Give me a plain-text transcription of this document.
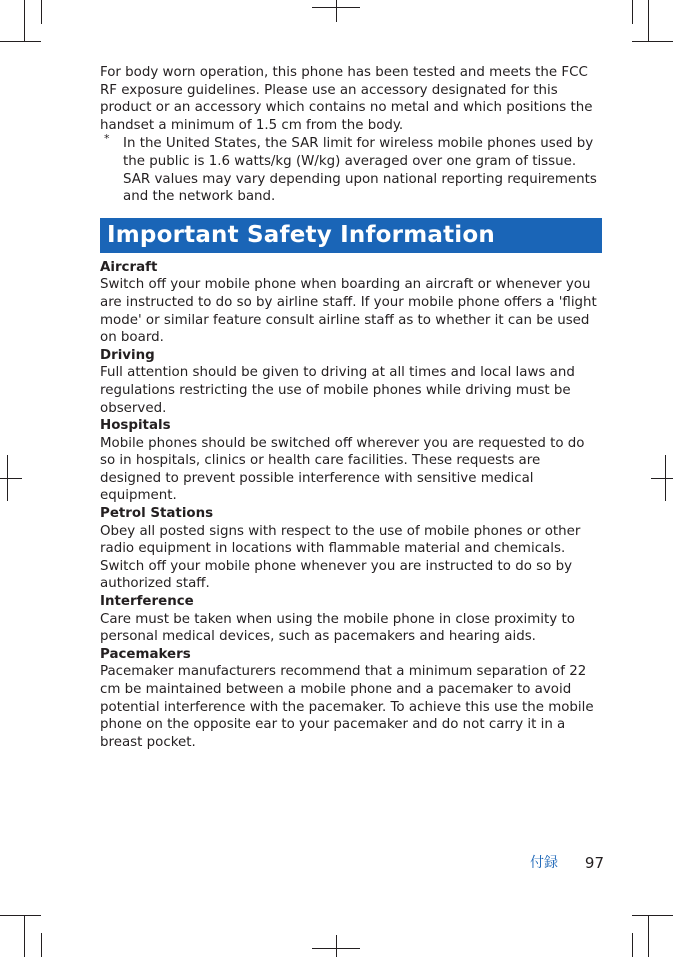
For body worn operation, this phone has been tested and meets the FCC RF exposure guidelines. Please use an accessory designated for this product or an accessory which contains no metal and which positions the handset a minimum of 1.5 cm from the body.

* In the United States, the SAR limit for wireless mobile phones used by the public is 1.6 watts/kg (W/kg) averaged over one gram of tissue. SAR values may vary depending upon national reporting requirements and the network band.

Important Safety Information
Aircraft

Switch off your mobile phone when boarding an aircraft or whenever you are instructed to do so by airline staff. If your mobile phone offers a 'flight mode' or similar feature consult airline staff as to whether it can be used on board.

Driving

Full attention should be given to driving at all times and local laws and regulations restricting the use of mobile phones while driving must be observed.

Hospitals

Mobile phones should be switched off wherever you are requested to do so in hospitals, clinics or health care facilities. These requests are designed to prevent possible interference with sensitive medical equipment.

Petrol Stations

Obey all posted signs with respect to the use of mobile phones or other radio equipment in locations with flammable material and chemicals. Switch off your mobile phone whenever you are instructed to do so by authorized staff.

Interference

Care must be taken when using the mobile phone in close proximity to personal medical devices, such as pacemakers and hearing aids.

Pacemakers

Pacemaker manufacturers recommend that a minimum separation of 22 cm be maintained between a mobile phone and a pacemaker to avoid potential interference with the pacemaker. To achieve this use the mobile phone on the opposite ear to your pacemaker and do not carry it in a breast pocket.

付録 97
